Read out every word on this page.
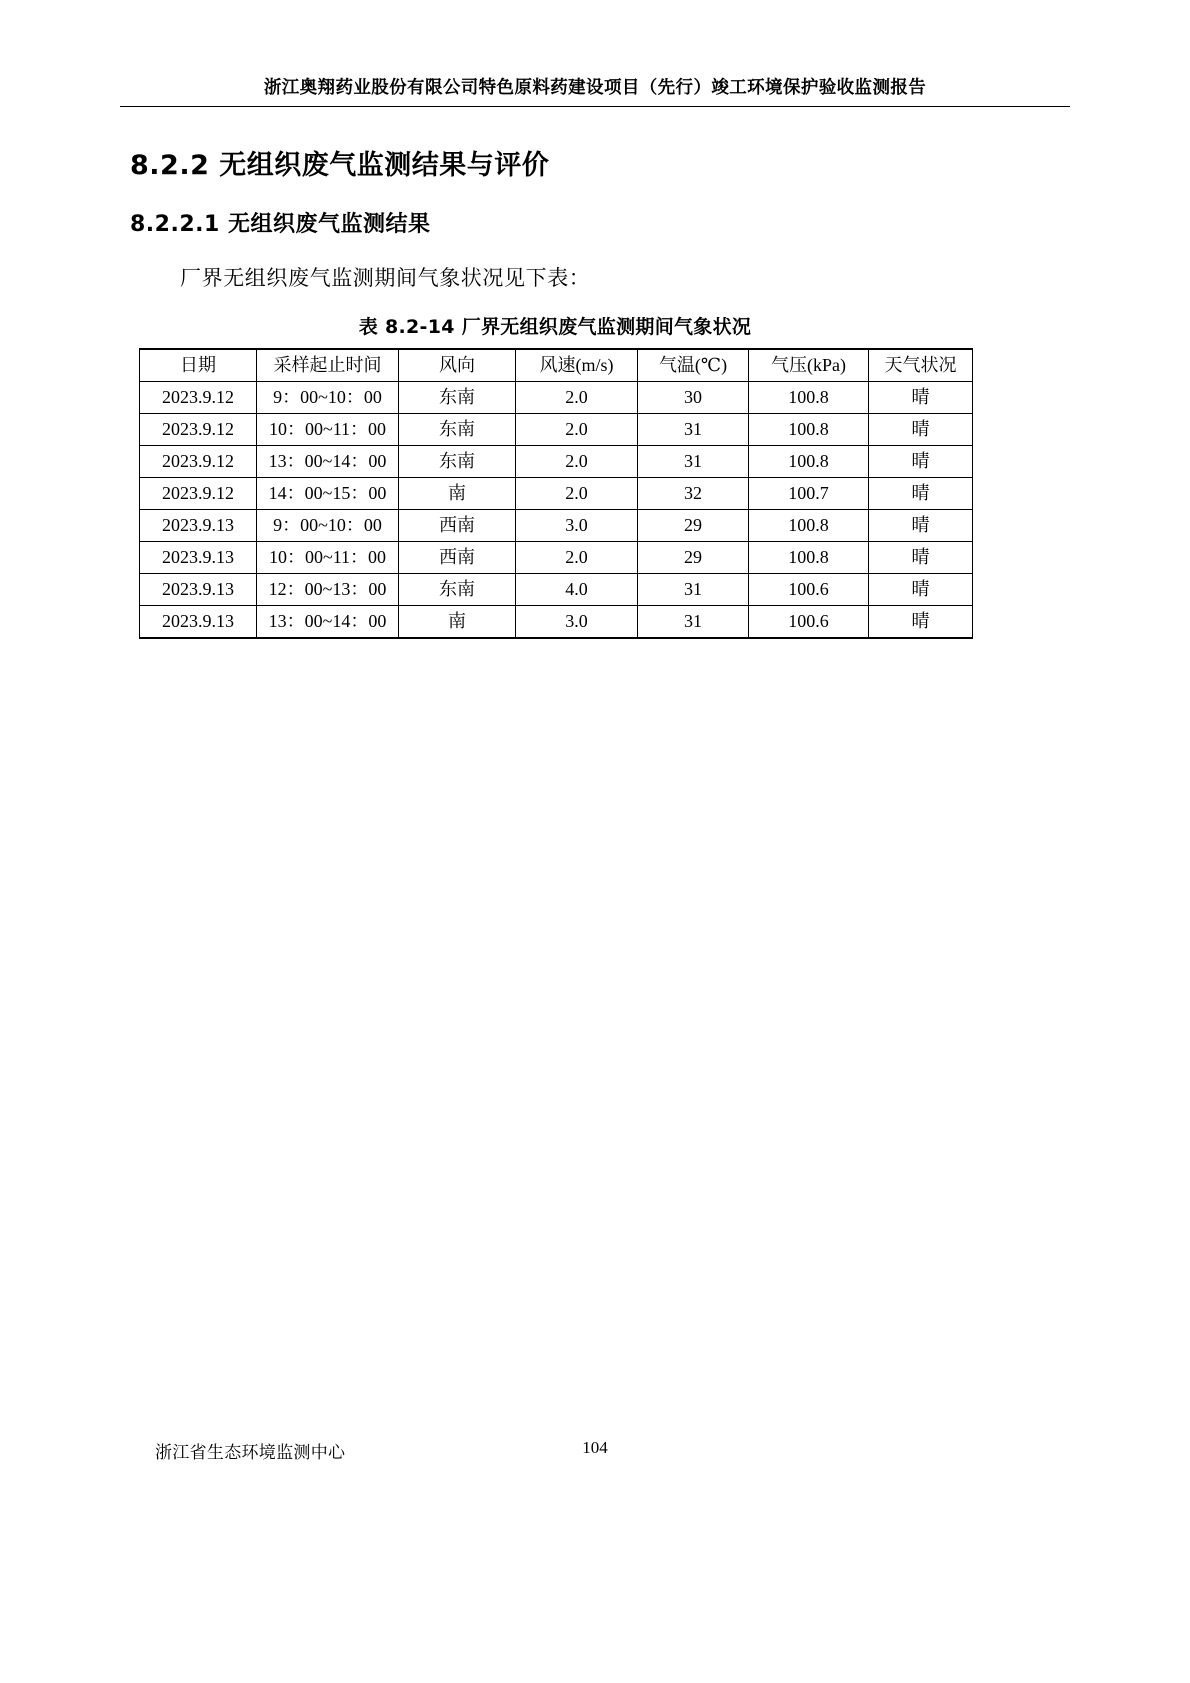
浙江奥翔药业股份有限公司特色原料药建设项目（先行）竣工环境保护验收监测报告
8.2.2 无组织废气监测结果与评价
8.2.2.1 无组织废气监测结果
厂界无组织废气监测期间气象状况见下表：
表 8.2-14 厂界无组织废气监测期间气象状况
日期	采样起止时间	风向	风速(m/s)	气温(℃)	气压(kPa)	天气状况
2023.9.12	9：00~10：00	东南	2.0	30	100.8	晴
2023.9.12	10：00~11：00	东南	2.0	31	100.8	晴
2023.9.12	13：00~14：00	东南	2.0	31	100.8	晴
2023.9.12	14：00~15：00	南	2.0	32	100.7	晴
2023.9.13	9：00~10：00	西南	3.0	29	100.8	晴
2023.9.13	10：00~11：00	西南	2.0	29	100.8	晴
2023.9.13	12：00~13：00	东南	4.0	31	100.6	晴
2023.9.13	13：00~14：00	南	3.0	31	100.6	晴
浙江省生态环境监测中心	104
